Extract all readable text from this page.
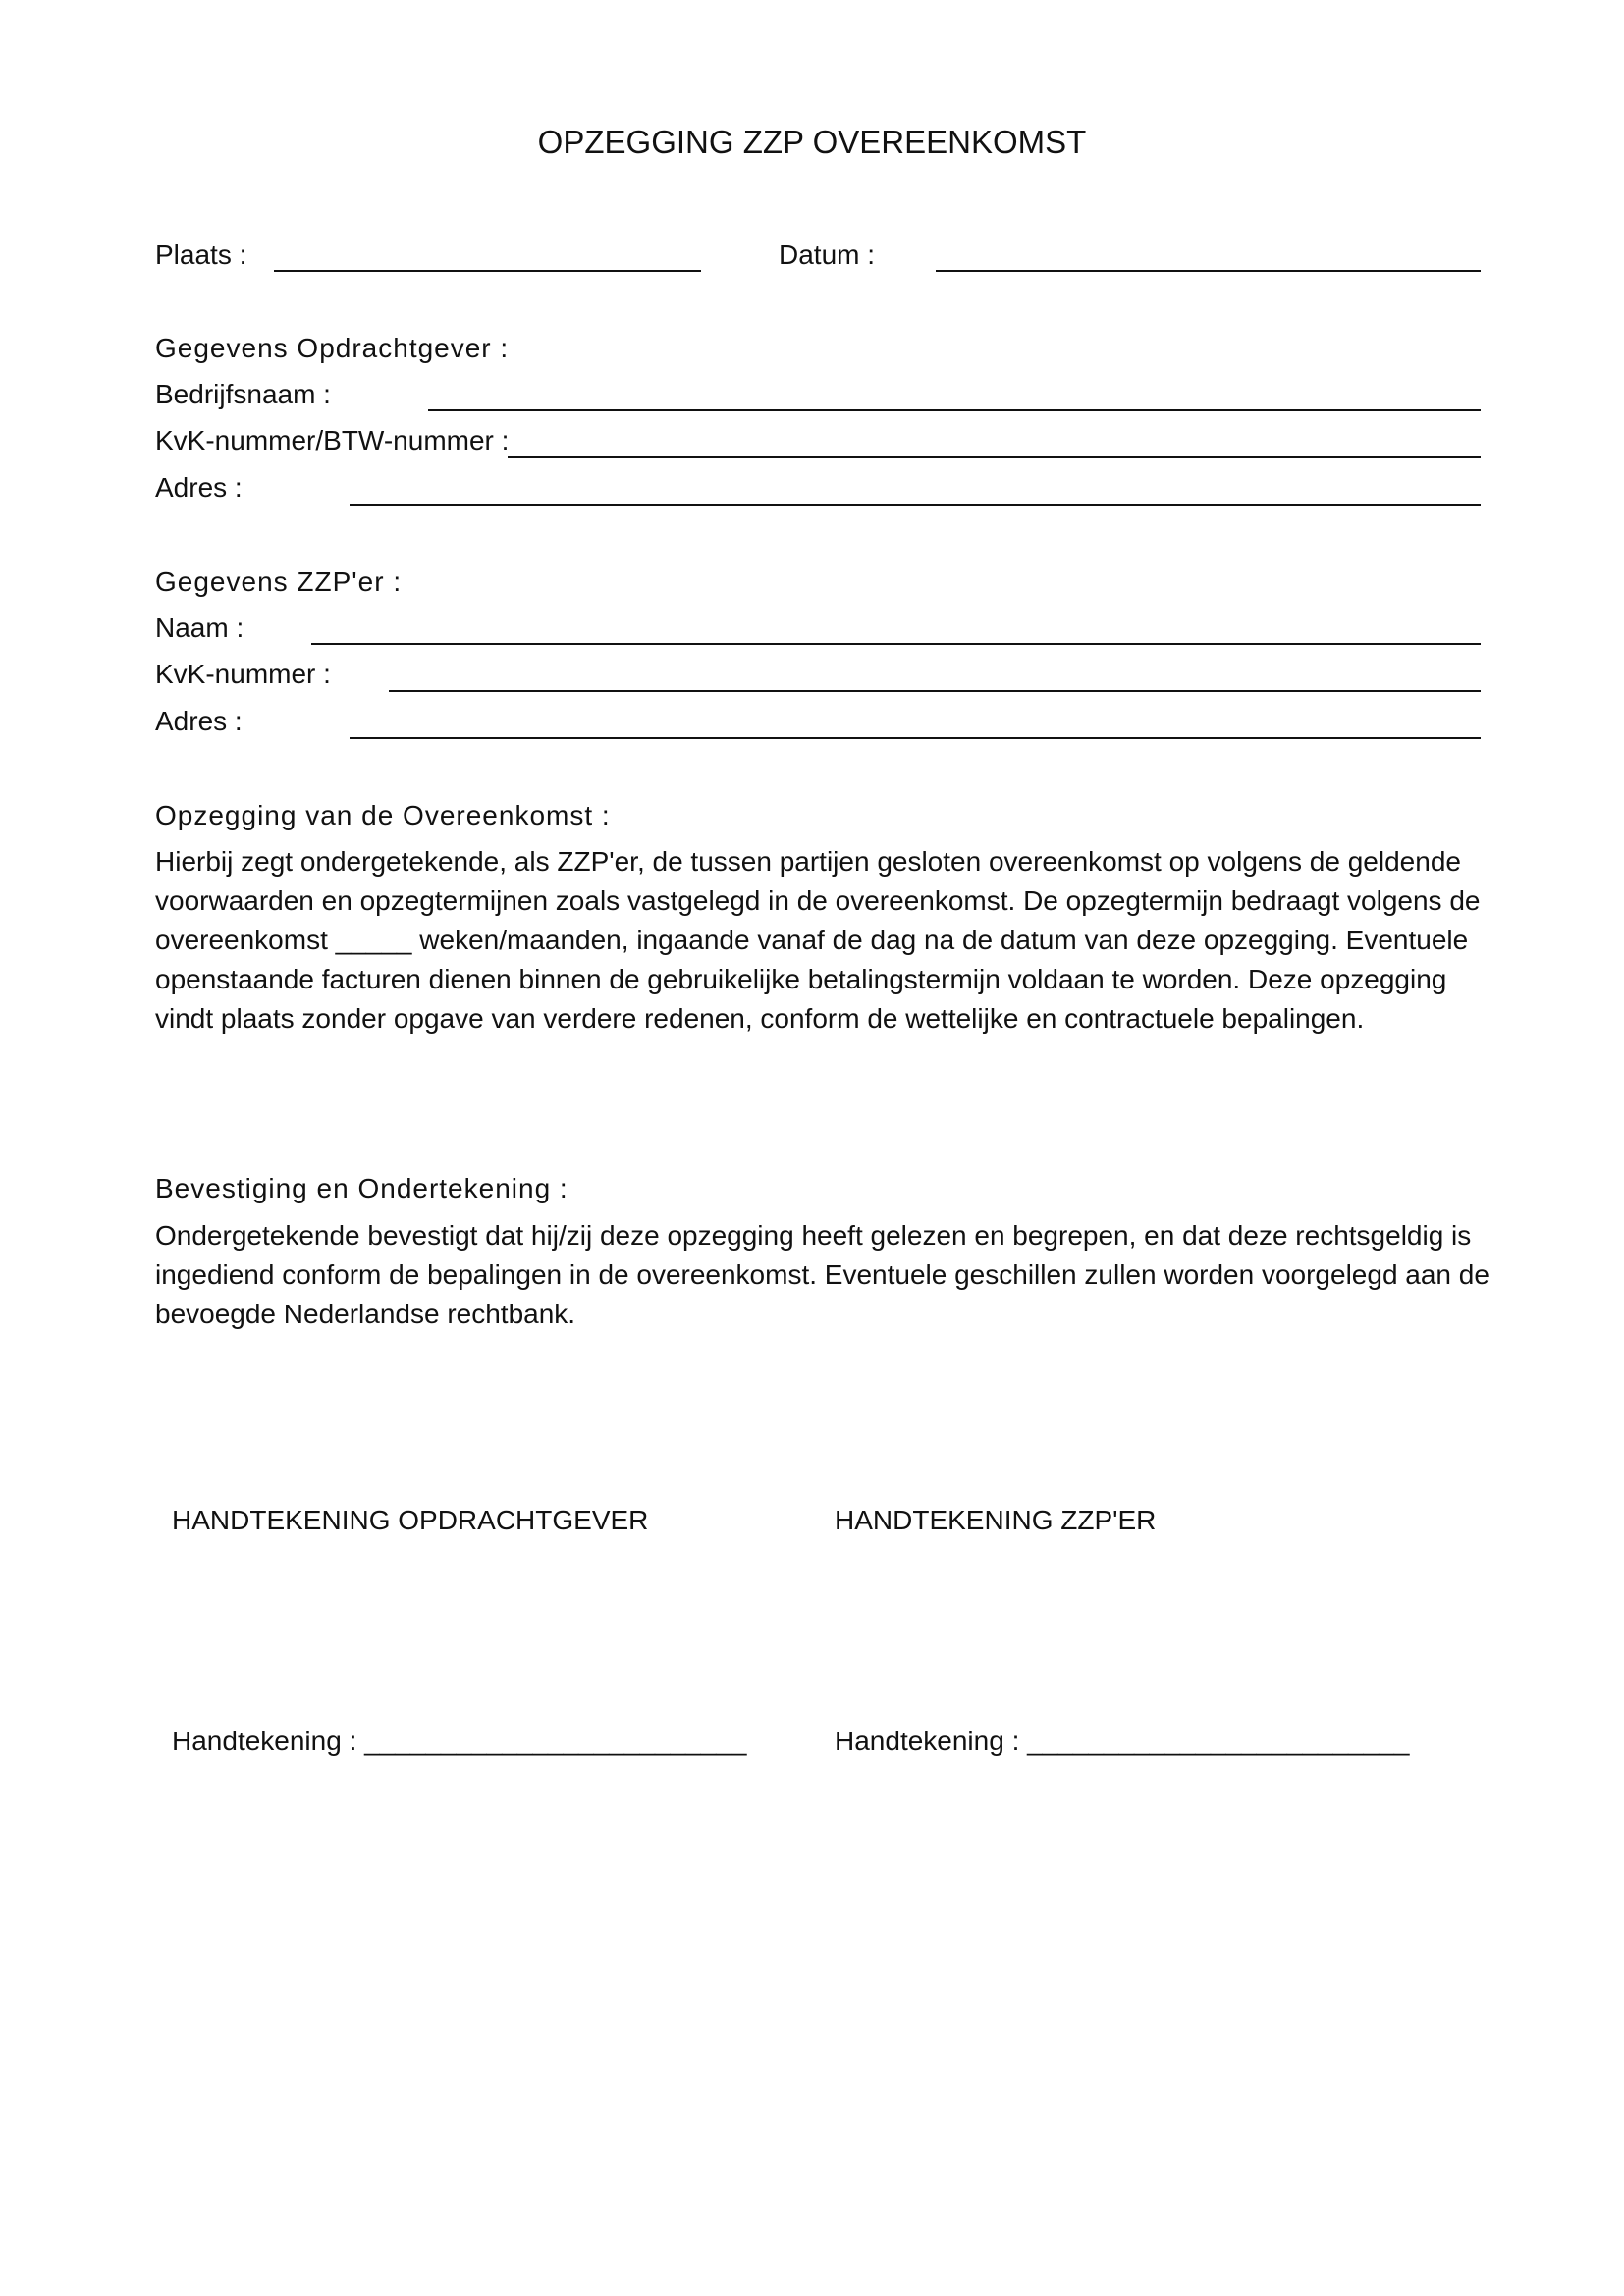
OPZEGGING ZZP OVEREENKOMST
Plaats :	Datum :
Gegevens Opdrachtgever :
Bedrijfsnaam :
KvK-nummer/BTW-nummer :
Adres :
Gegevens ZZP'er :
Naam :
KvK-nummer :
Adres :
Opzegging van de Overeenkomst :
Hierbij zegt ondergetekende, als ZZP'er, de tussen partijen gesloten overeenkomst op volgens de geldende voorwaarden en opzegtermijnen zoals vastgelegd in de overeenkomst. De opzegtermijn bedraagt volgens de overeenkomst _____ weken/maanden, ingaande vanaf de dag na de datum van deze opzegging. Eventuele openstaande facturen dienen binnen de gebruikelijke betalingstermijn voldaan te worden. Deze opzegging vindt plaats zonder opgave van verdere redenen, conform de wettelijke en contractuele bepalingen.
Bevestiging en Ondertekening :
Ondergetekende bevestigt dat hij/zij deze opzegging heeft gelezen en begrepen, en dat deze rechtsgeldig is ingediend conform de bepalingen in de overeenkomst. Eventuele geschillen zullen worden voorgelegd aan de bevoegde Nederlandse rechtbank.
HANDTEKENING OPDRACHTGEVER	HANDTEKENING ZZP'ER
Handtekening : _________________________	Handtekening : _________________________
